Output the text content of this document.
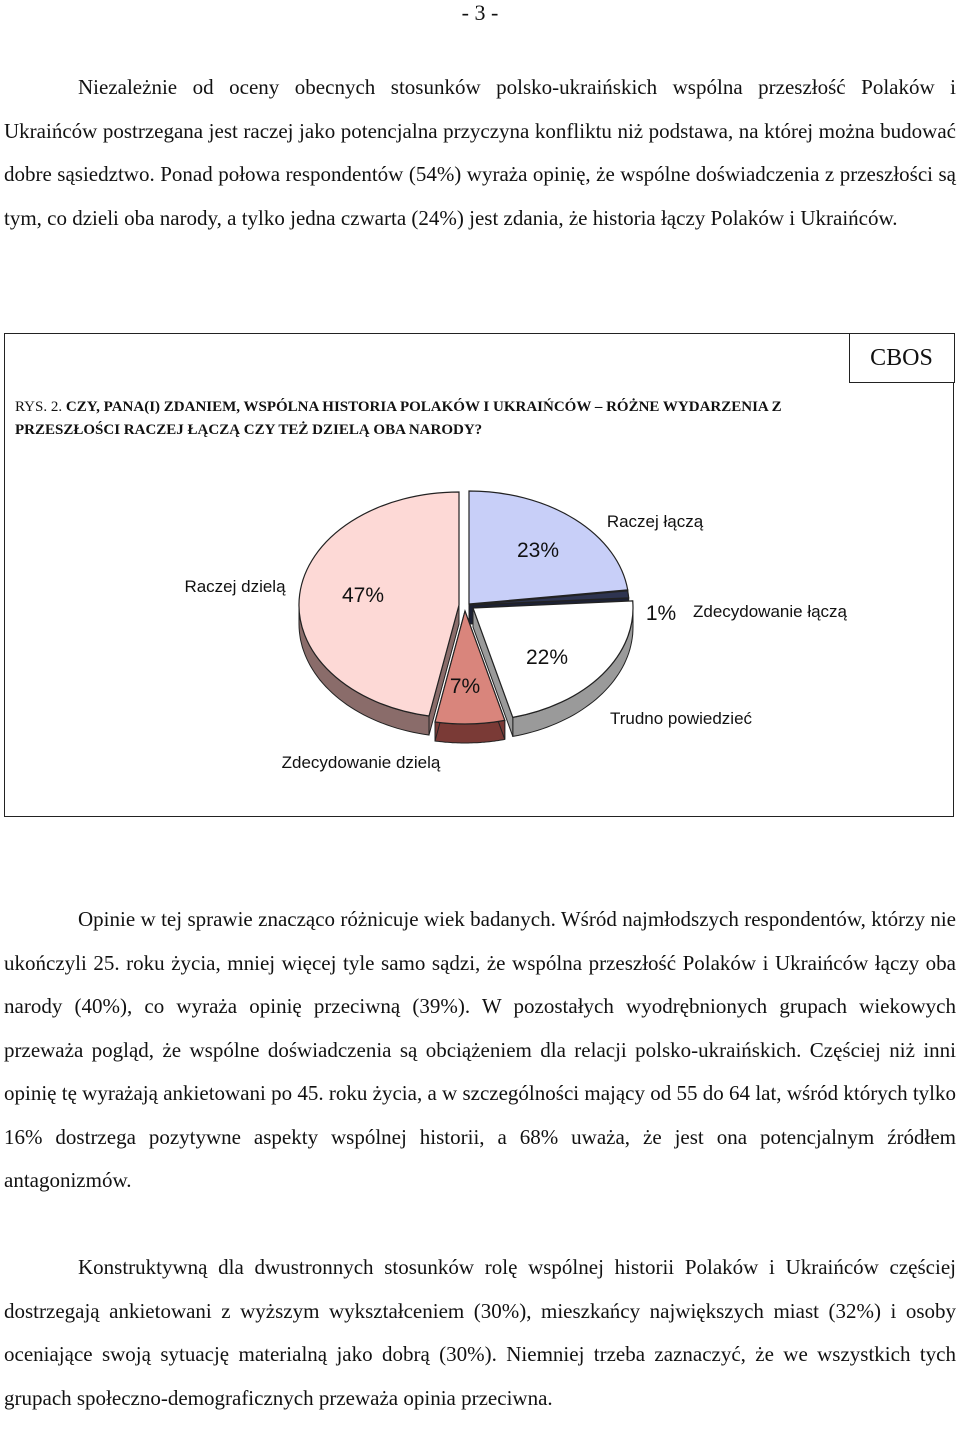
- 3 -

Niezależnie od oceny obecnych stosunków polsko-ukraińskich wspólna przeszłość Polaków i Ukraińców postrzegana jest raczej jako potencjalna przyczyna konfliktu niż podstawa, na której można budować dobre sąsiedztwo. Ponad połowa respondentów (54%) wyraża opinię, że wspólne doświadczenia z przeszłości są tym, co dzieli oba narody, a tylko jedna czwarta (24%) jest zdania, że historia łączy Polaków i Ukraińców.

CBOS

RYS. 2. CZY, PANA(I) ZDANIEM, WSPÓLNA HISTORIA POLAKÓW I UKRAIŃCÓW – RÓŻNE WYDARZENIA Z PRZESZŁOŚCI RACZEJ ŁĄCZĄ CZY TEŻ DZIELĄ OBA NARODY?

23%
Raczej łączą
1% Zdecydowanie łączą
22%
Trudno powiedzieć
7%
Zdecydowanie dzielą
47%
Raczej dzielą

Opinie w tej sprawie znacząco różnicuje wiek badanych. Wśród najmłodszych respondentów, którzy nie ukończyli 25. roku życia, mniej więcej tyle samo sądzi, że wspólna przeszłość Polaków i Ukraińców łączy oba narody (40%), co wyraża opinię przeciwną (39%). W pozostałych wyodrębnionych grupach wiekowych przeważa pogląd, że wspólne doświadczenia są obciążeniem dla relacji polsko-ukraińskich. Częściej niż inni opinię tę wyrażają ankietowani po 45. roku życia, a w szczególności mający od 55 do 64 lat, wśród których tylko 16% dostrzega pozytywne aspekty wspólnej historii, a 68% uważa, że jest ona potencjalnym źródłem antagonizmów.

Konstruktywną dla dwustronnych stosunków rolę wspólnej historii Polaków i Ukraińców częściej dostrzegają ankietowani z wyższym wykształceniem (30%), mieszkańcy największych miast (32%) i osoby oceniające swoją sytuację materialną jako dobrą (30%). Niemniej trzeba zaznaczyć, że we wszystkich tych grupach społeczno-demograficznych przeważa opinia przeciwna.
